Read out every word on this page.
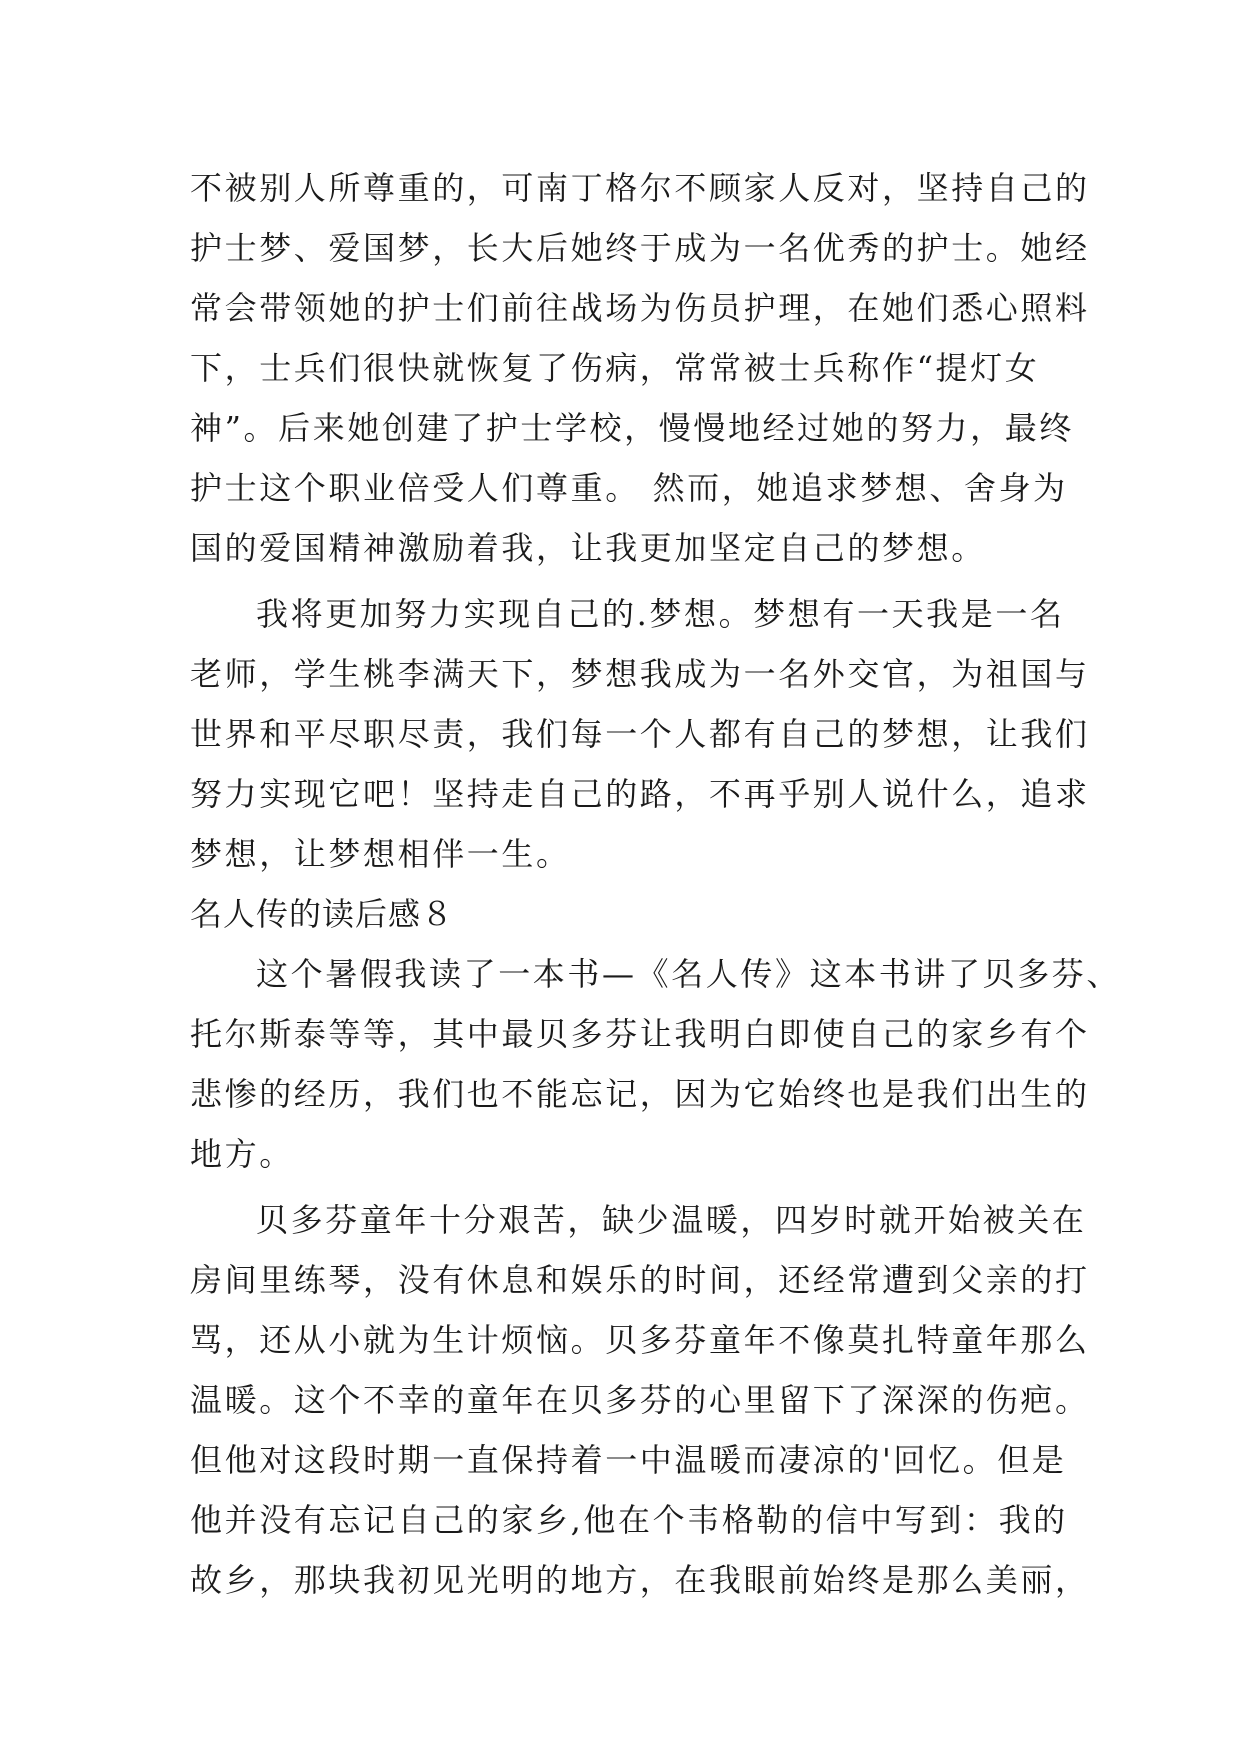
不被别人所尊重的，可南丁格尔不顾家人反对，坚持自己的
护士梦、爱国梦，长大后她终于成为一名优秀的护士。她经
常会带领她的护士们前往战场为伤员护理，在她们悉心照料
下，士兵们很快就恢复了伤病，常常被士兵称作“提灯女
神”。后来她创建了护士学校，慢慢地经过她的努力，最终
护士这个职业倍受人们尊重。 然而，她追求梦想、舍身为
国的爱国精神激励着我，让我更加坚定自己的梦想。
我将更加努力实现自己的.梦想。梦想有一天我是一名
老师，学生桃李满天下，梦想我成为一名外交官，为祖国与
世界和平尽职尽责，我们每一个人都有自己的梦想，让我们
努力实现它吧！坚持走自己的路，不再乎别人说什么，追求
梦想，让梦想相伴一生。
名人传的读后感８
这个暑假我读了一本书—《名人传》这本书讲了贝多芬、
托尔斯泰等等，其中最贝多芬让我明白即使自己的家乡有个
悲惨的经历，我们也不能忘记，因为它始终也是我们出生的
地方。
贝多芬童年十分艰苦，缺少温暖，四岁时就开始被关在
房间里练琴，没有休息和娱乐的时间，还经常遭到父亲的打
骂，还从小就为生计烦恼。贝多芬童年不像莫扎特童年那么
温暖。这个不幸的童年在贝多芬的心里留下了深深的伤疤。
但他对这段时期一直保持着一中温暖而凄凉的'回忆。但是
他并没有忘记自己的家乡,他在个韦格勒的信中写到：我的
故乡，那块我初见光明的地方，在我眼前始终是那么美丽，
